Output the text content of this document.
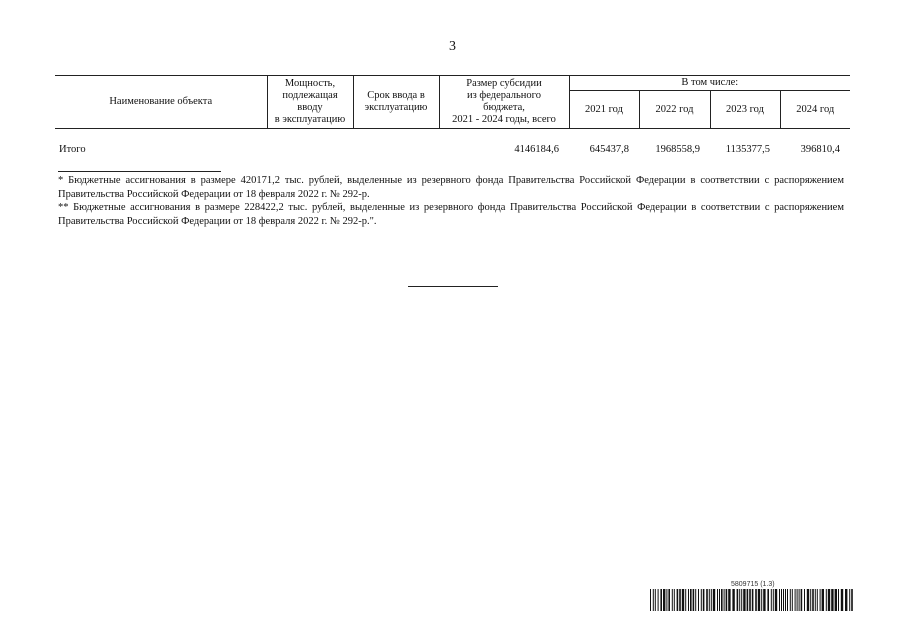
3
Наименование объекта	Мощность,
подлежащая
вводу
в эксплуатацию	Срок ввода в
эксплуатацию	Размер субсидии
из федерального
бюджета,
2021 - 2024 годы, всего	В том числе:			
				2021 год	2022 год	2023 год	2024 год
Итого			4146184,6	645437,8	1968558,9	1135377,5	396810,4

* Бюджетные ассигнования в размере 420171,2 тыс. рублей, выделенные из резервного фонда Правительства Российской Федерации в соответствии с распоряжением Правительства Российской Федерации от 18 февраля 2022 г. № 292-р.

** Бюджетные ассигнования в размере 228422,2 тыс. рублей, выделенные из резервного фонда Правительства Российской Федерации в соответствии с распоряжением Правительства Российской Федерации от 18 февраля 2022 г. № 292-р.".

5809715 (1.3)
